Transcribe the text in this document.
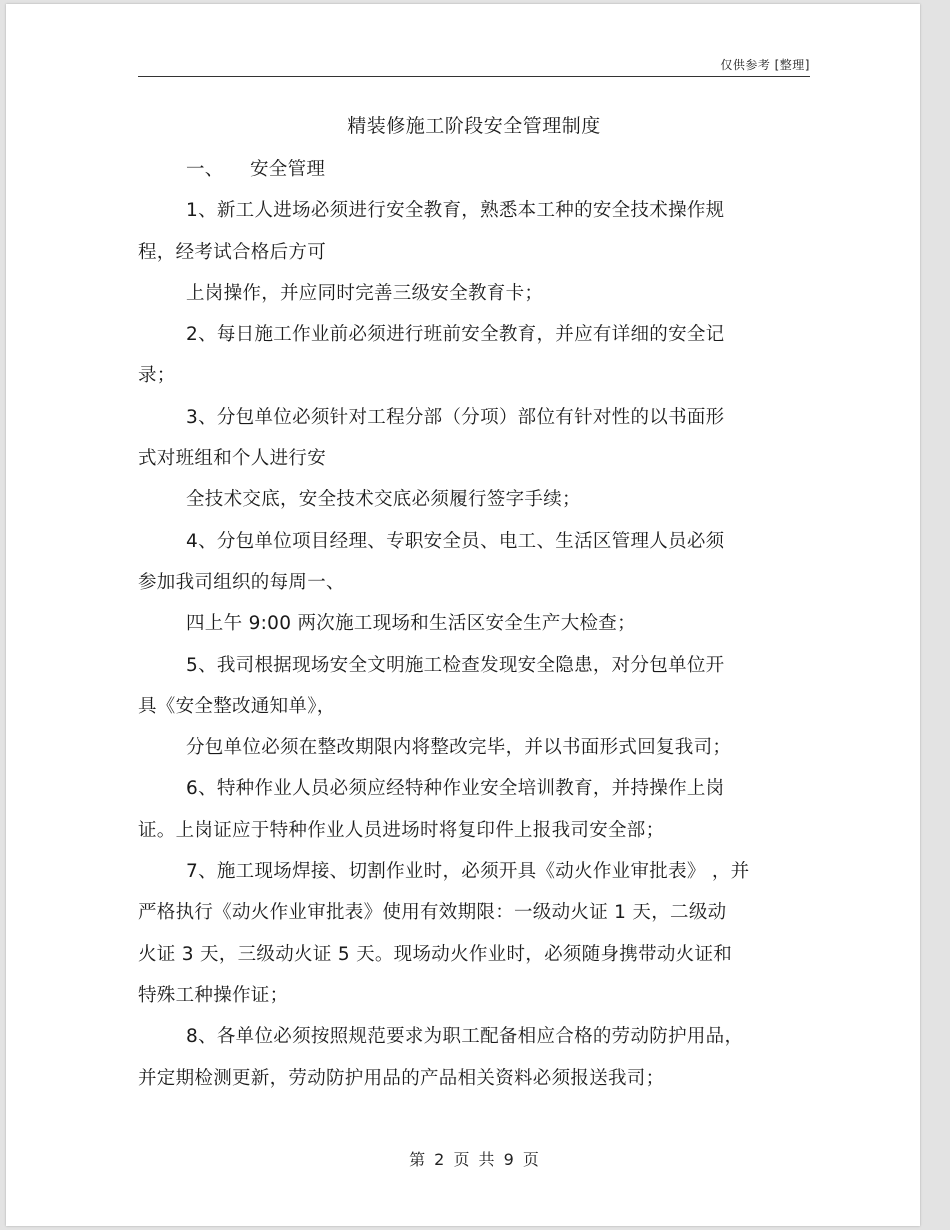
仅供参考 [整理]
精装修施工阶段安全管理制度
一、 安全管理
1、新工人进场必须进行安全教育，熟悉本工种的安全技术操作规
程，经考试合格后方可
上岗操作，并应同时完善三级安全教育卡；
2、每日施工作业前必须进行班前安全教育，并应有详细的安全记
录；
3、分包单位必须针对工程分部（分项）部位有针对性的以书面形
式对班组和个人进行安
全技术交底，安全技术交底必须履行签字手续；
4、分包单位项目经理、专职安全员、电工、生活区管理人员必须
参加我司组织的每周一、
四上午 9:00 两次施工现场和生活区安全生产大检查；
5、我司根据现场安全文明施工检查发现安全隐患，对分包单位开
具《安全整改通知单》，
分包单位必须在整改期限内将整改完毕，并以书面形式回复我司；
6、特种作业人员必须应经特种作业安全培训教育，并持操作上岗
证。上岗证应于特种作业人员进场时将复印件上报我司安全部；
7、施工现场焊接、切割作业时，必须开具《动火作业审批表》 ，并
严格执行《动火作业审批表》使用有效期限：一级动火证 1 天，二级动
火证 3 天，三级动火证 5 天。现场动火作业时，必须随身携带动火证和
特殊工种操作证；
8、各单位必须按照规范要求为职工配备相应合格的劳动防护用品，
并定期检测更新，劳动防护用品的产品相关资料必须报送我司；
第 2 页 共 9 页
